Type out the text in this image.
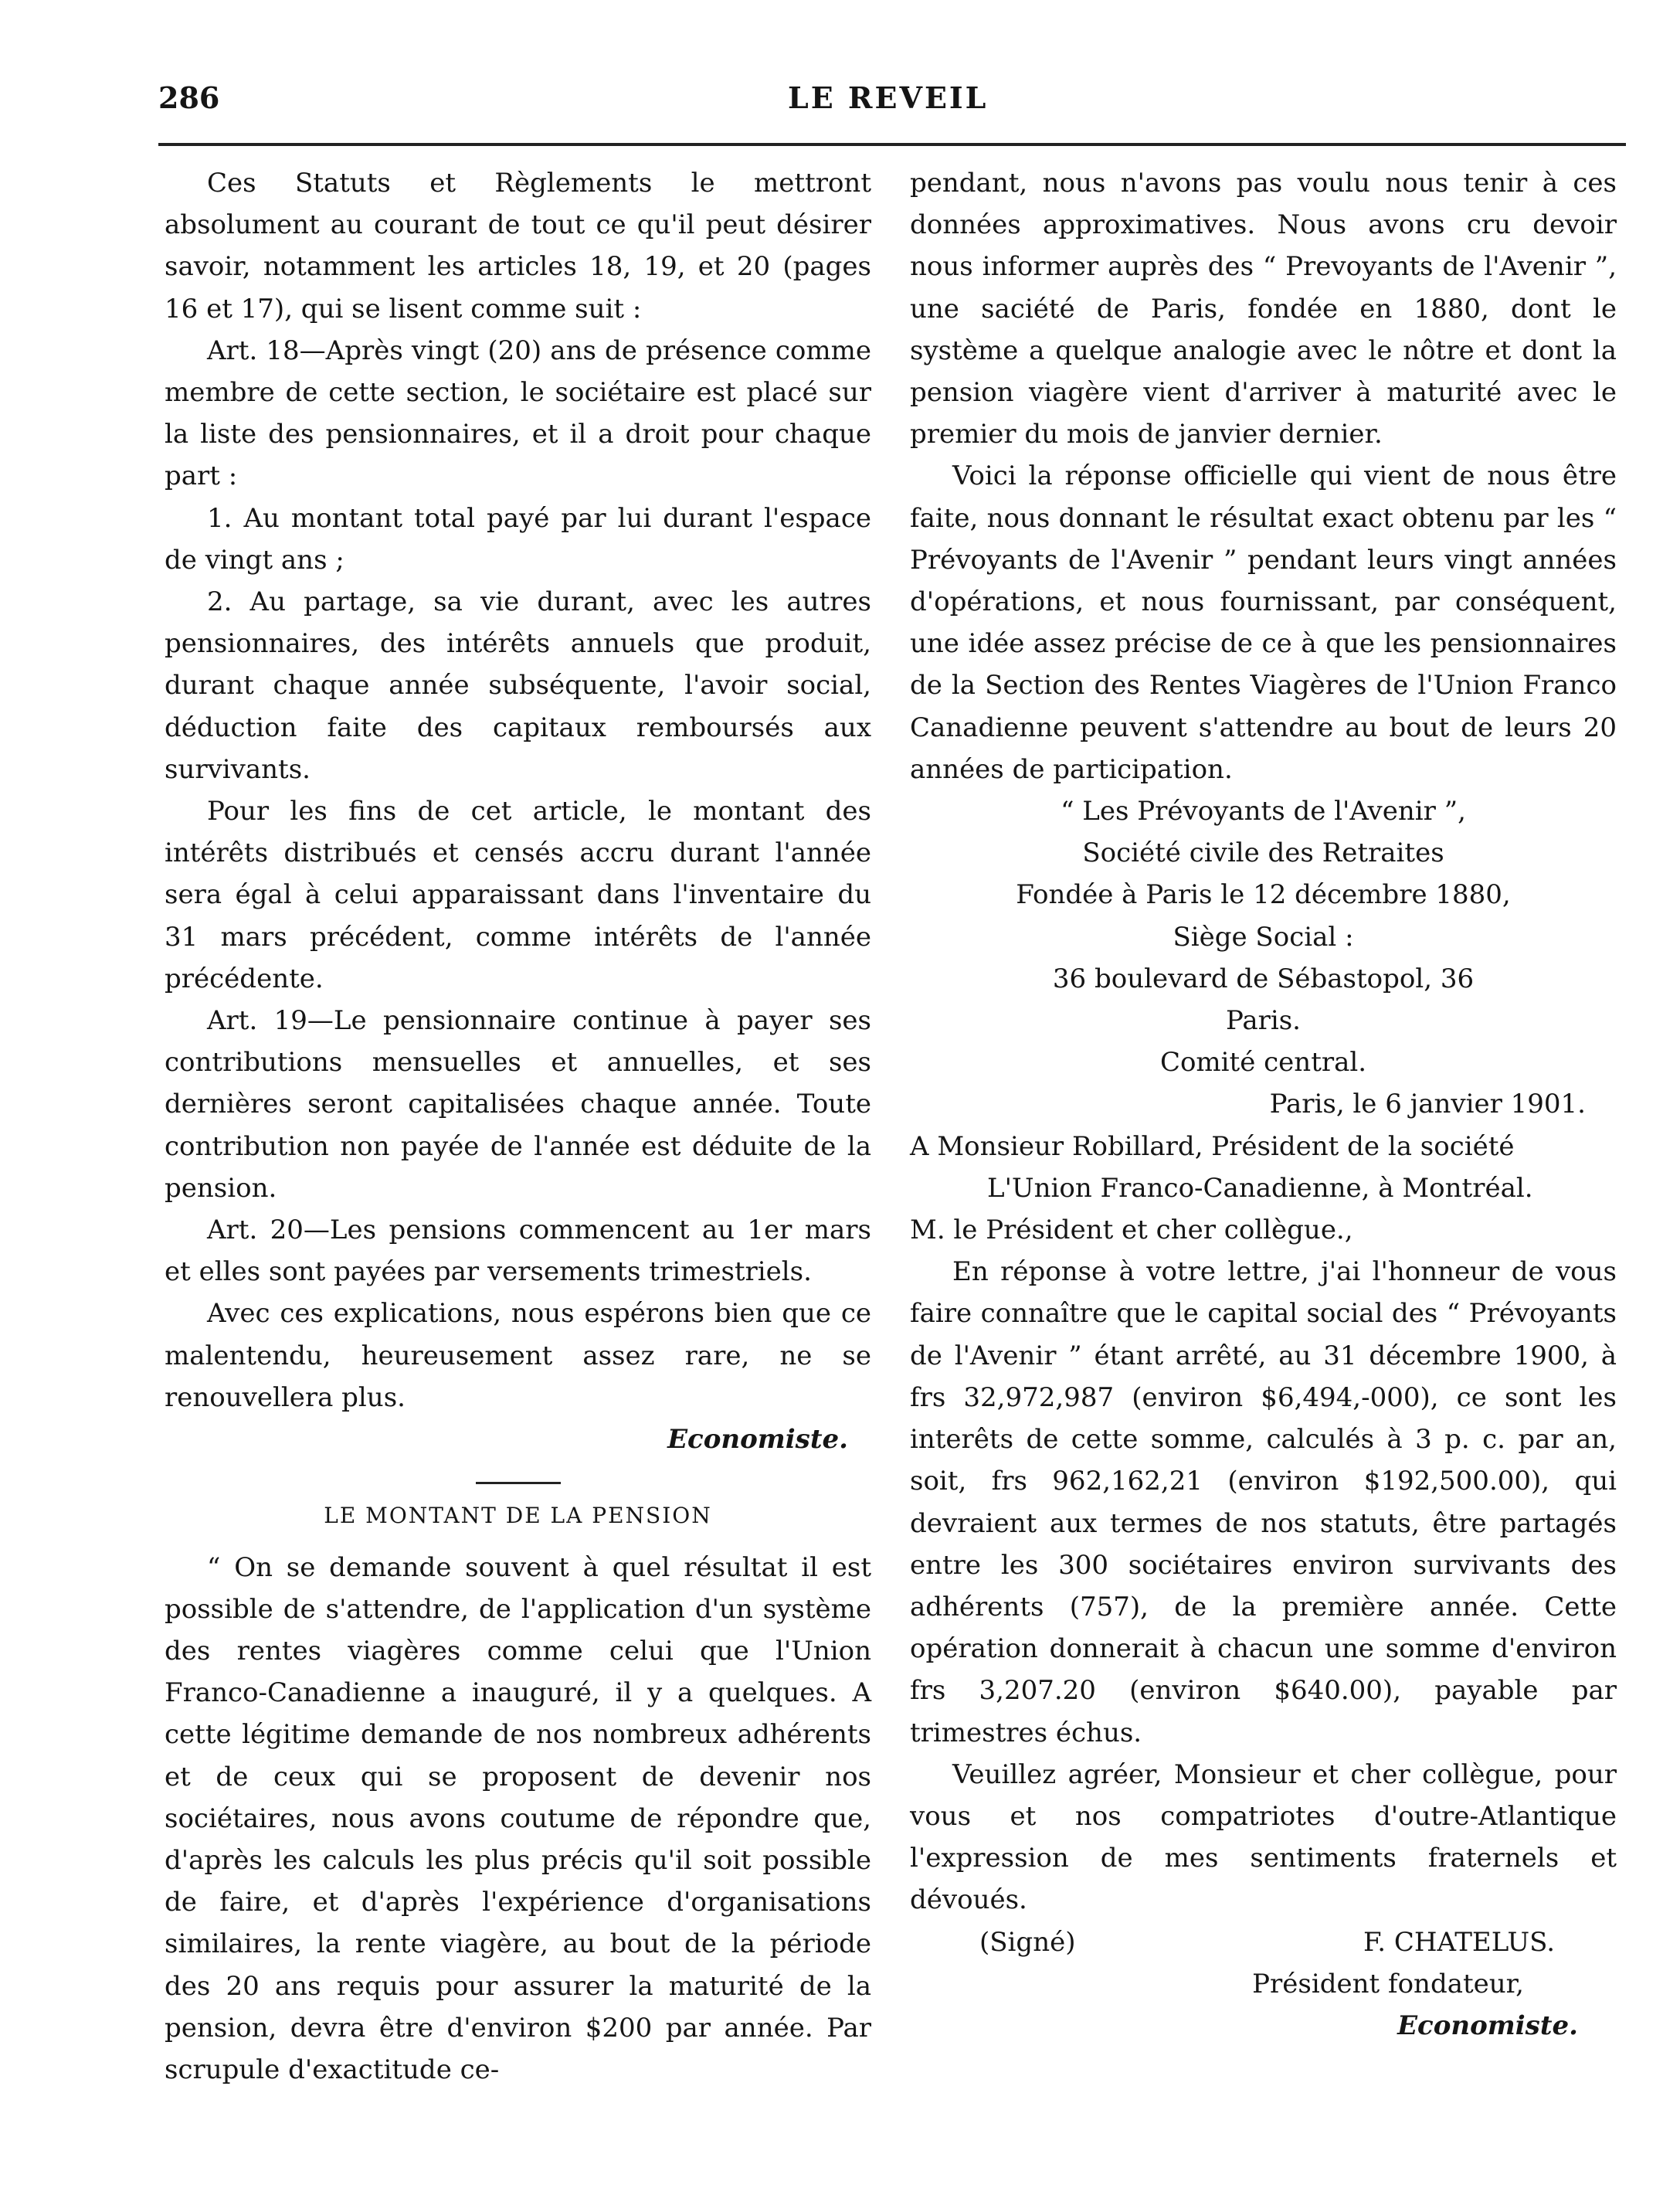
286	LE REVEIL

Ces Statuts et Règlements le mettront absolument au courant de tout ce qu'il peut désirer savoir, notamment les articles 18, 19, et 20 (pages 16 et 17), qui se lisent comme suit :

Art. 18—Après vingt (20) ans de présence comme membre de cette section, le sociétaire est placé sur la liste des pensionnaires, et il a droit pour chaque part :

1. Au montant total payé par lui durant l'espace de vingt ans ;

2. Au partage, sa vie durant, avec les autres pensionnaires, des intérêts annuels que produit, durant chaque année subséquente, l'avoir social, déduction faite des capitaux remboursés aux survivants.

Pour les fins de cet article, le montant des intérêts distribués et censés accru durant l'année sera égal à celui apparaissant dans l'inventaire du 31 mars précédent, comme intérêts de l'année précédente.

Art. 19—Le pensionnaire continue à payer ses contributions mensuelles et annuelles, et ses dernières seront capitalisées chaque année. Toute contribution non payée de l'année est déduite de la pension.

Art. 20—Les pensions commencent au 1er mars et elles sont payées par versements trimestriels.

Avec ces explications, nous espérons bien que ce malentendu, heureusement assez rare, ne se renouvellera plus.

Economiste.

LE MONTANT DE LA PENSION

“ On se demande souvent à quel résultat il est possible de s'attendre, de l'application d'un système des rentes viagères comme celui que l'Union Franco-Canadienne a inauguré, il y a quelques. A cette légitime demande de nos nombreux adhérents et de ceux qui se proposent de devenir nos sociétaires, nous avons coutume de répondre que, d'après les calculs les plus précis qu'il soit possible de faire, et d'après l'expérience d'organisations similaires, la rente viagère, au bout de la période des 20 ans requis pour assurer la maturité de la pension, devra être d'environ $200 par année. Par scrupule d'exactitude ce-

pendant, nous n'avons pas voulu nous tenir à ces données approximatives. Nous avons cru devoir nous informer auprès des “ Prevoyants de l'Avenir ”, une saciété de Paris, fondée en 1880, dont le système a quelque analogie avec le nôtre et dont la pension viagère vient d'arriver à maturité avec le premier du mois de janvier dernier.

Voici la réponse officielle qui vient de nous être faite, nous donnant le résultat exact obtenu par les “ Prévoyants de l'Avenir ” pendant leurs vingt années d'opérations, et nous fournissant, par conséquent, une idée assez précise de ce à que les pensionnaires de la Section des Rentes Viagères de l'Union Franco Canadienne peuvent s'attendre au bout de leurs 20 années de participation.

“ Les Prévoyants de l'Avenir ”,

Société civile des Retraites

Fondée à Paris le 12 décembre 1880,

Siège Social :

36 boulevard de Sébastopol, 36

Paris.

Comité central.

Paris, le 6 janvier 1901.

A Monsieur Robillard, Président de la société

L'Union Franco-Canadienne, à Montréal.

M. le Président et cher collègue.,

En réponse à votre lettre, j'ai l'honneur de vous faire connaître que le capital social des “ Prévoyants de l'Avenir ” étant arrêté, au 31 décembre 1900, à frs 32,972,987 (environ $6,494,-000), ce sont les interêts de cette somme, calculés à 3 p. c. par an, soit, frs 962,162,21 (environ $192,500.00), qui devraient aux termes de nos statuts, être partagés entre les 300 sociétaires environ survivants des adhérents (757), de la première année. Cette opération donnerait à chacun une somme d'environ frs 3,207.20 (environ $640.00), payable par trimestres échus.

Veuillez agréer, Monsieur et cher collègue, pour vous et nos compatriotes d'outre-Atlantique l'expression de mes sentiments fraternels et dévoués.

(Signé)	F. CHATELUS.

Président fondateur,

Economiste.
